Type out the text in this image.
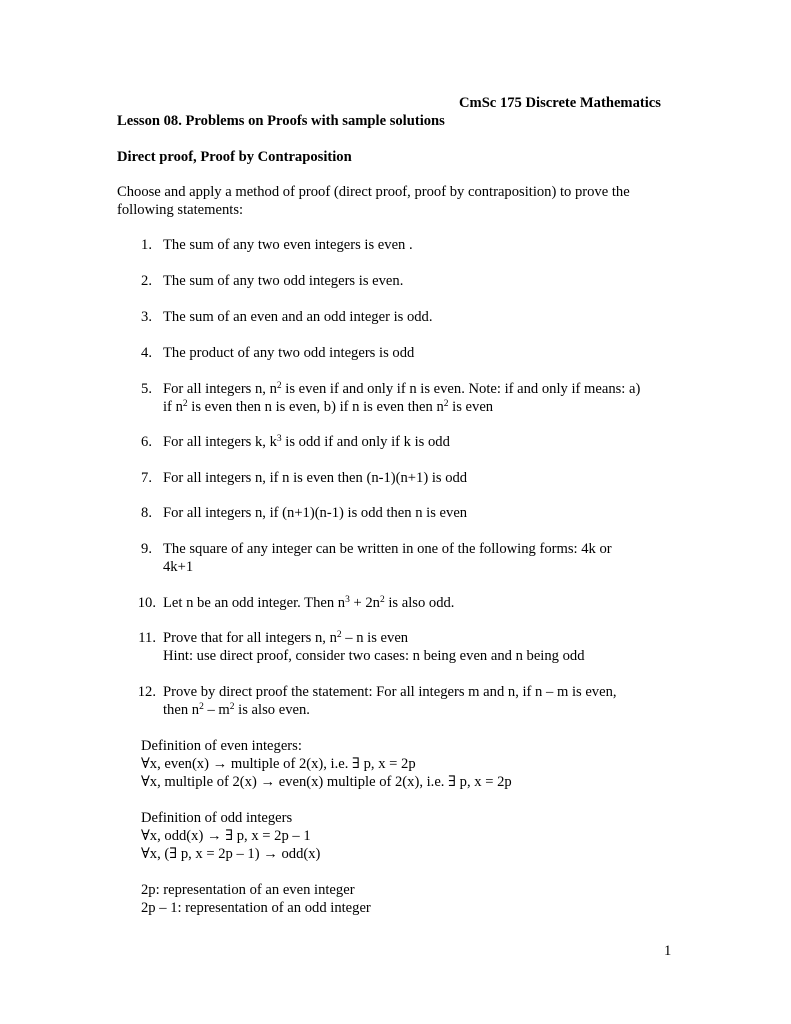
CmSc 175 Discrete Mathematics
Lesson 08. Problems on Proofs with sample solutions
Direct proof, Proof by Contraposition
Choose and apply a method of proof (direct proof, proof by contraposition) to prove the
following statements:
1. The sum of any two even integers is even .
2. The sum of any two odd integers is even.
3. The sum of an even and an odd integer is odd.
4. The product of any two odd integers is odd
5. For all integers n, $n^2$ is even if and only if n is even. Note: if and only if means: a)
if $n^2$ is even then n is even, b) if n is even then $n^2$ is even
6. For all integers k, $k^3$ is odd if and only if k is odd
7. For all integers n, if n is even then (n-1)(n+1) is odd
8. For all integers n, if (n+1)(n-1) is odd then n is even
9. The square of any integer can be written in one of the following forms: 4k or
4k+1
10. Let n be an odd integer. Then $n^3 + 2n^2$ is also odd.
11. Prove that for all integers n, $n^2$ – n is even
Hint: use direct proof, consider two cases: n being even and n being odd
12. Prove by direct proof the statement: For all integers m and n, if n – m is even,
then $n^2 - m^2$ is also even.
Definition of even integers:
∀x, even(x) → multiple of 2(x), i.e. ∃ p, x = 2p
∀x, multiple of 2(x) → even(x) multiple of 2(x), i.e. ∃ p, x = 2p
Definition of odd integers
∀x, odd(x) → ∃ p, x = 2p – 1
∀x, (∃ p, x = 2p – 1) → odd(x)
2p: representation of an even integer
2p – 1: representation of an odd integer
1
